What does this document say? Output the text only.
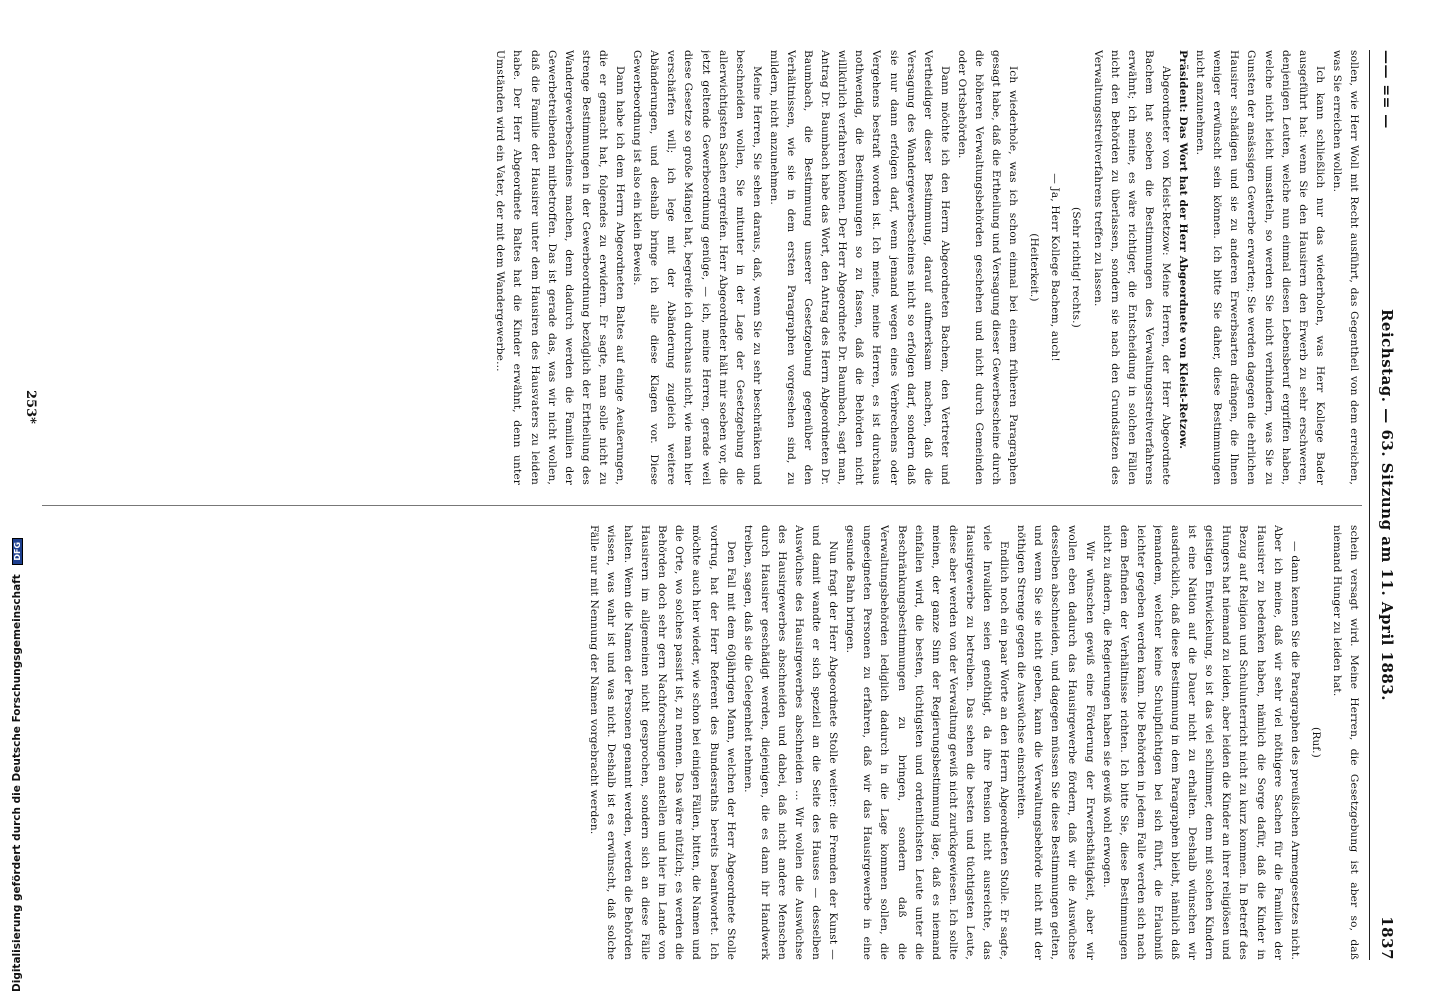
—— == —
Reichstag. — 63. Sitzung am 11. April 1883.
1837

sollen, wie Herr Woll mit Recht ausführt, das Gegentheil von dem erreichen, was Sie erreichen wollen.

Ich kann schließlich nur das wiederholen, was Herr Kollege Bader ausgeführt hat: wenn Sie den Hausirern den Erwerb zu sehr erschweren, denjenigen Leuten, welche nun einmal diesen Lebensberuf ergriffen haben, welche nicht leicht umsatteln, so werden Sie nicht verhindern, was Sie zu Gunsten der ansässigen Gewerbe erwarten; Sie werden dagegen die ehrlichen Hausirer schädigen und sie zu anderen Erwerbsarten drängen, die Ihnen weniger erwünscht sein können. Ich bitte Sie daher, diese Bestimmungen nicht anzunehmen.

Präsident: Das Wort hat der Herr Abgeordnete von Kleist-Retzow.

Abgeordneter von Kleist-Retzow: Meine Herren, der Herr Abgeordnete Bachem hat soeben die Bestimmungen des Verwaltungsstreitverfahrens erwähnt; ich meine, es wäre richtiger, die Entscheidung in solchen Fällen nicht den Behörden zu überlassen, sondern sie nach den Grundsätzen des Verwaltungsstreitverfahrens treffen zu lassen.

(Sehr richtig! rechts.)

— Ja, Herr Kollege Bachem, auch!

(Heiterkeit.)

Ich wiederhole, was ich schon einmal bei einem früheren Paragraphen gesagt habe, daß die Ertheilung und Versagung dieser Gewerbescheine durch die höheren Verwaltungsbehörden geschehen und nicht durch Gemeinden oder Ortsbehörden.

Dann möchte ich den Herrn Abgeordneten Bachem, den Vertreter und Vertheidiger dieser Bestimmung, darauf aufmerksam machen, daß die Versagung des Wandergewerbescheines nicht so erfolgen darf, sondern daß sie nur dann erfolgen darf, wenn jemand wegen eines Verbrechens oder Vergehens bestraft worden ist. Ich meine, meine Herren, es ist durchaus nothwendig, die Bestimmungen so zu fassen, daß die Behörden nicht willkürlich verfahren können. Der Herr Abgeordnete Dr. Baumbach, sagt man, Antrag Dr. Baumbach habe das Wort, den Antrag des Herrn Abgeordneten Dr. Baumbach, die Bestimmung unserer Gesetzgebung gegenüber den Verhältnissen, wie sie in dem ersten Paragraphen vorgesehen sind, zu mildern, nicht anzunehmen.

Meine Herren, Sie sehen daraus, daß, wenn Sie zu sehr beschränken und beschneiden wollen, Sie mitunter in der Lage der Gesetzgebung die allerwichtigsten Sachen ergreifen. Herr Abgeordneter hält mir soeben vor, die jetzt geltende Gewerbeordnung genüge, — ich, meine Herren, gerade weil diese Gesetze so große Mängel hat, begreife ich durchaus nicht, wie man hier verschärfen will; ich lege mit der Abänderung zugleich weitere Abänderungen, und deshalb bringe ich alle diese Klagen vor. Diese Gewerbeordnung ist also ein klein Beweis.

Dann habe ich dem Herrn Abgeordneten Baltes auf einige Aeußerungen, die er gemacht hat, folgendes zu erwidern. Er sagte, man solle nicht zu strenge Bestimmungen in der Gewerbeordnung bezüglich der Ertheilung des Wandergewerbescheines machen, denn dadurch werden die Familien der Gewerbetreibenden mitbetroffen. Das ist gerade das, was wir nicht wollen, daß die Familie der Hausirer unter dem Hausiren des Hausvaters zu leiden habe. Der Herr Abgeordnete Baltes hat die Kinder erwähnt, denn unter Umständen wird ein Vater, der mit dem Wandergewerbe...

schein versagt wird. Meine Herren, die Gesetzgebung ist aber so, daß niemand Hunger zu leiden hat.

(Ruf.)

— dann kennen Sie die Paragraphen des preußischen Armengesetzes nicht. Aber ich meine, daß wir sehr viel nöthigere Sachen für die Familien der Hausirer zu bedenken haben, nämlich die Sorge dafür, daß die Kinder in Bezug auf Religion und Schulunterricht nicht zu kurz kommen. In Betreff des Hungers hat niemand zu leiden, aber leiden die Kinder an ihrer religiösen und geistigen Entwickelung, so ist das viel schlimmer, denn mit solchen Kindern ist eine Nation auf die Dauer nicht zu erhalten. Deshalb wünschen wir ausdrücklich, daß diese Bestimmung in dem Paragraphen bleibt, nämlich daß jemandem, welcher keine Schulpflichtigen bei sich führt, die Erlaubniß leichter gegeben werden kann. Die Behörden in jedem Falle werden sich nach dem Befinden der Verhältnisse richten. Ich bitte Sie, diese Bestimmungen nicht zu ändern, die Regierungen haben sie gewiß wohl erwogen.

Wir wünschen gewiß eine Förderung der Erwerbsthätigkeit, aber wir wollen eben dadurch das Hausirgewerbe fördern, daß wir die Auswüchse desselben abschneiden, und dagegen müssen Sie diese Bestimmungen gelten, und wenn Sie sie nicht geben, kann die Verwaltungsbehörde nicht mit der nöthigen Strenge gegen die Auswüchse einschreiten.

Endlich noch ein paar Worte an den Herrn Abgeordneten Stolle. Er sagte, viele Invaliden seien genöthigt, da ihre Pension nicht ausreichte, das Hausirgewerbe zu betreiben. Das sehen die besten und tüchtigsten Leute, diese aber werden von der Verwaltung gewiß nicht zurückgewiesen. Ich sollte meinen, der ganze Sinn der Regierungsbestimmung läge, daß es niemand einfallen wird, die besten, tüchtigsten und ordentlichsten Leute unter die Beschränkungsbestimmungen zu bringen, sondern daß die Verwaltungsbehörden lediglich dadurch in die Lage kommen sollen, die ungeeigneten Personen zu erfahren, daß wir das Hausirgewerbe in eine gesunde Bahn bringen.

Nun fragt der Herr Abgeordnete Stolle weiter: die Fremden der Kunst — und damit wandte er sich speziell an die Seite des Hauses — desselben Auswüchse des Hausirgewerbes abschneiden ... Wir wollen die Auswüchse des Hausirgewerbes abschneiden und dabei, daß nicht andere Menschen durch Hausirer geschädigt werden, diejenigen, die es dann ihr Handwerk treiben, sagen, daß sie die Gelegenheit nehmen.

Den Fall mit dem 60jährigen Mann, welchen der Herr Abgeordnete Stolle vortrug, hat der Herr Referent des Bundesraths bereits beantwortet. Ich möchte auch hier wieder, wie schon bei einigen Fällen, bitten, die Namen und die Orte, wo solches passirt ist, zu nennen. Das wäre nützlich; es werden die Behörden doch sehr gern Nachforschungen anstellen und hier im Lande von Hausirern im allgemeinen nicht gesprochen, sondern sich an diese Fälle halten. Wenn die Namen der Personen genannt werden, werden die Behörden wissen, was wahr ist und was nicht. Deshalb ist es erwünscht, daß solche Fälle nur mit Nennung der Namen vorgebracht werden.

253*
Digitalisierung gefördert durch die Deutsche Forschungsgemeinschaft DFG
